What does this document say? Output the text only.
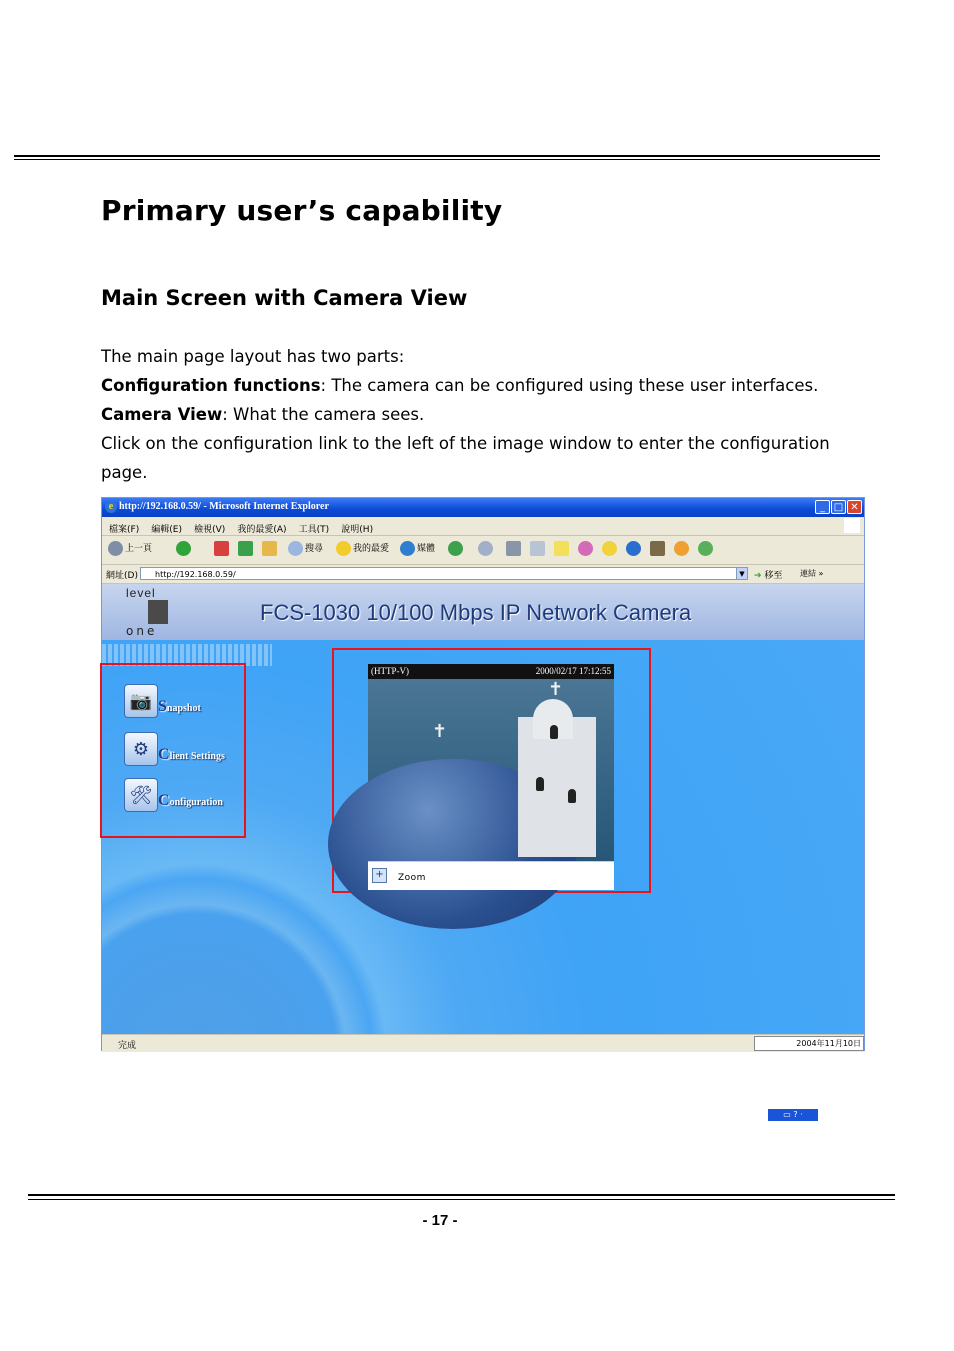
Primary user’s capability
Main Screen with Camera View
The main page layout has two parts:
Configuration functions: The camera can be configured using these user interfaces.
Camera View: What the camera sees.
Click on the configuration link to the left of the image window to enter the configuration page.
e http://192.168.0.59/ - Microsoft Internet Explorer	_ □ ✕
檔案(F) 編輯(E) 檢視(V) 我的最愛(A) 工具(T) 說明(H)
上一頁	搜尋	我的最愛	媒體
網址(D)	http://192.168.0.59/	▼	➔ 移至 連結 »
level
one
FCS-1030 10/100 Mbps IP Network Camera
📷 Snapshot
⚙ Client Settings
🛠 Configuration
(HTTP-V)	2000/02/17 17:12:55
✝
✝
+	Zoom
▭ ? ·
完成	2004年11月10日
- 17 -
